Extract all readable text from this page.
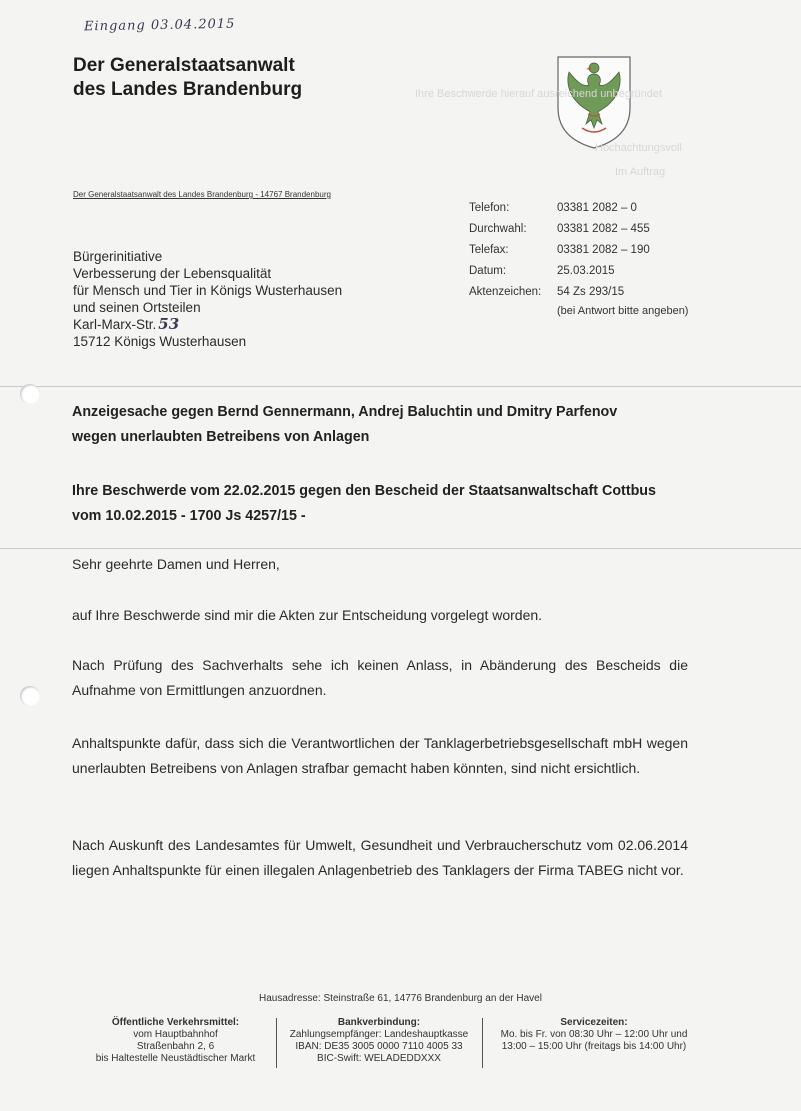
Eingang 03.04.2015
Der Generalstaatsanwalt
des Landes Brandenburg	Ihre Beschwerde hierauf ausreichend unbegründet
Hochachtungsvoll
Im Auftrag
Der Generalstaatsanwalt des Landes Brandenburg - 14767 Brandenburg
Bürgerinitiative
Verbesserung der Lebensqualität
für Mensch und Tier in Königs Wusterhausen
und seinen Ortsteilen
Karl-Marx-Str. 53
15712 Königs Wusterhausen
Telefon:	03381 2082 – 0
Durchwahl:	03381 2082 – 455
Telefax:	03381 2082 – 190
Datum:	25.03.2015
Aktenzeichen:	54 Zs 293/15
	(bei Antwort bitte angeben)
Anzeigesache gegen Bernd Gennermann, Andrej Baluchtin und Dmitry Parfenov
wegen unerlaubten Betreibens von Anlagen
Ihre Beschwerde vom 22.02.2015 gegen den Bescheid der Staatsanwaltschaft Cottbus
vom 10.02.2015 - 1700 Js 4257/15 -
Sehr geehrte Damen und Herren,
auf Ihre Beschwerde sind mir die Akten zur Entscheidung vorgelegt worden.
Nach Prüfung des Sachverhalts sehe ich keinen Anlass, in Abänderung des Bescheids die Aufnahme von Ermittlungen anzuordnen.
Anhaltspunkte dafür, dass sich die Verantwortlichen der Tanklagerbetriebsgesellschaft mbH wegen unerlaubten Betreibens von Anlagen strafbar gemacht haben könnten, sind nicht ersichtlich.
Nach Auskunft des Landesamtes für Umwelt, Gesundheit und Verbraucherschutz vom 02.06.2014 liegen Anhaltspunkte für einen illegalen Anlagenbetrieb des Tanklagers der Firma TABEG nicht vor.
Hausadresse: Steinstraße 61, 14776 Brandenburg an der Havel
Öffentliche Verkehrsmittel:
vom Hauptbahnhof
Straßenbahn 2, 6
bis Haltestelle Neustädtischer Markt
Bankverbindung:
Zahlungsempfänger: Landeshauptkasse
IBAN: DE35 3005 0000 7110 4005 33
BIC-Swift: WELADEDDXXX
Servicezeiten:
Mo. bis Fr. von 08:30 Uhr – 12:00 Uhr und
13:00 – 15:00 Uhr (freitags bis 14:00 Uhr)
